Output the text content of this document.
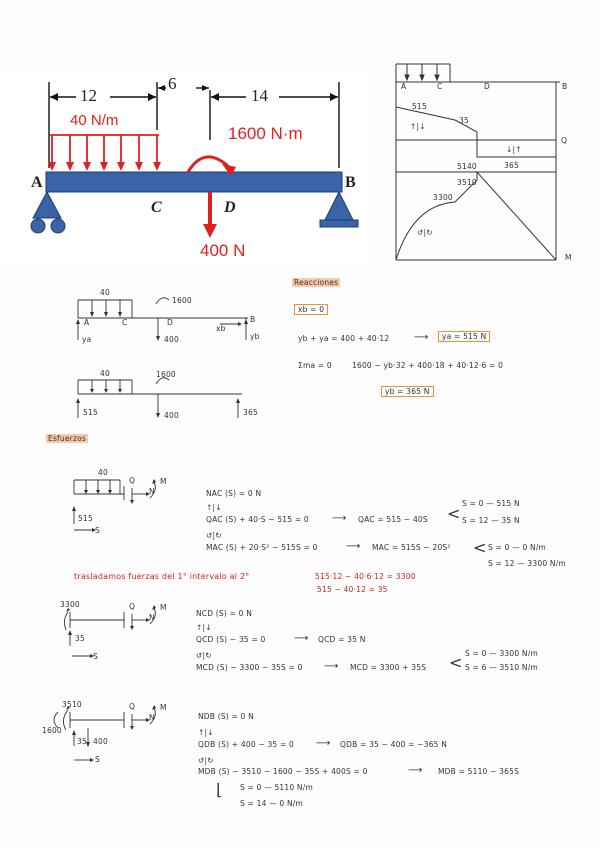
12
6
14
40 N/m
1600 N·m
A	B
C	D
400 N
A	C	D	B
515
↑|↓
35
Q
↓|↑
365
5140
3510
3300
↺|↻
M
Reacciones
40
1600
A	C	D	B
xb
ya	400	yb
xb = 0
yb + ya = 400 + 40·12 ⟶	ya = 515 N
Σma = 0	1600 − yb·32 + 400·18 + 40·12·6 = 0
yb = 365 N
40	1600
515	400	365
Esfuerzos
40
Q
N
M
515
S
NAC (S) = 0 N
↑|↓
QAC (S) + 40·S − 515 = 0 ⟶ QAC = 515 − 40S <
S = 0 — 515 N
S = 12 — 35 N
↺|↻
MAC (S) + 20·S² − 515S = 0	⟶ MAC = 515S − 20S² < S = 0 — 0 N/m
S = 12 — 3300 N/m
trasladamos fuerzas del 1° intervalo al 2°	515·12 − 40·6·12 = 3300
515 − 40·12 = 35
3300	Q
N
M
35
S
NCD (S) = 0 N
↑|↓
QCD (S) − 35 = 0	⟶ QCD = 35 N
↺|↻
MCD (S) − 3300 − 35S = 0 ⟶ MCD = 3300 + 35S < S = 0 — 3300 N/m
S = 6 — 3510 N/m
3510
1600
Q
N
M
35 400
S
NDB (S) = 0 N
↑|↓
QDB (S) + 400 − 35 = 0 ⟶ QDB = 35 − 400 = −365 N
↺|↻
MDB (S) − 3510 − 1600 − 35S + 400S = 0	⟶ MDB = 5110 − 365S
⌊ S = 0 — 5110 N/m
S = 14 — 0 N/m
